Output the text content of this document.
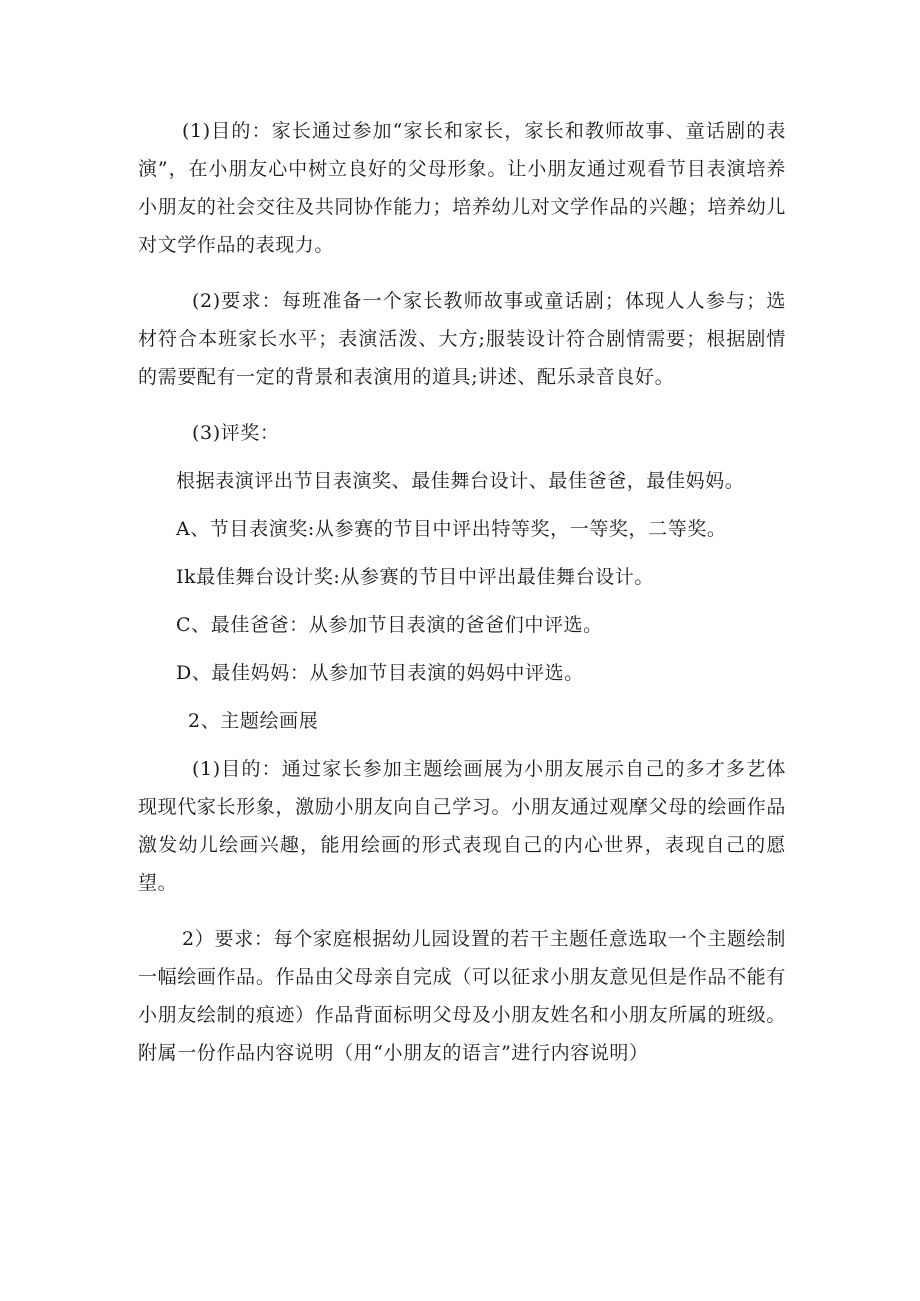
(1)目的：家长通过参加“家长和家长，家长和教师故事、童话剧的表演”，在小朋友心中树立良好的父母形象。让小朋友通过观看节目表演培养小朋友的社会交往及共同协作能力；培养幼儿对文学作品的兴趣；培养幼儿对文学作品的表现力。

(2)要求：每班准备一个家长教师故事或童话剧；体现人人参与；选材符合本班家长水平；表演活泼、大方;服装设计符合剧情需要；根据剧情的需要配有一定的背景和表演用的道具;讲述、配乐录音良好。

(3)评奖：

根据表演评出节目表演奖、最佳舞台设计、最佳爸爸，最佳妈妈。

A、节目表演奖:从参赛的节目中评出特等奖，一等奖，二等奖。

Ik最佳舞台设计奖:从参赛的节目中评出最佳舞台设计。

C、最佳爸爸：从参加节目表演的爸爸们中评选。

D、最佳妈妈：从参加节目表演的妈妈中评选。

2、主题绘画展

(1)目的：通过家长参加主题绘画展为小朋友展示自己的多才多艺体现现代家长形象，激励小朋友向自己学习。小朋友通过观摩父母的绘画作品激发幼儿绘画兴趣，能用绘画的形式表现自己的内心世界，表现自己的愿望。

2）要求：每个家庭根据幼儿园设置的若干主题任意选取一个主题绘制一幅绘画作品。作品由父母亲自完成（可以征求小朋友意见但是作品不能有小朋友绘制的痕迹）作品背面标明父母及小朋友姓名和小朋友所属的班级。附属一份作品内容说明（用“小朋友的语言”进行内容说明）
